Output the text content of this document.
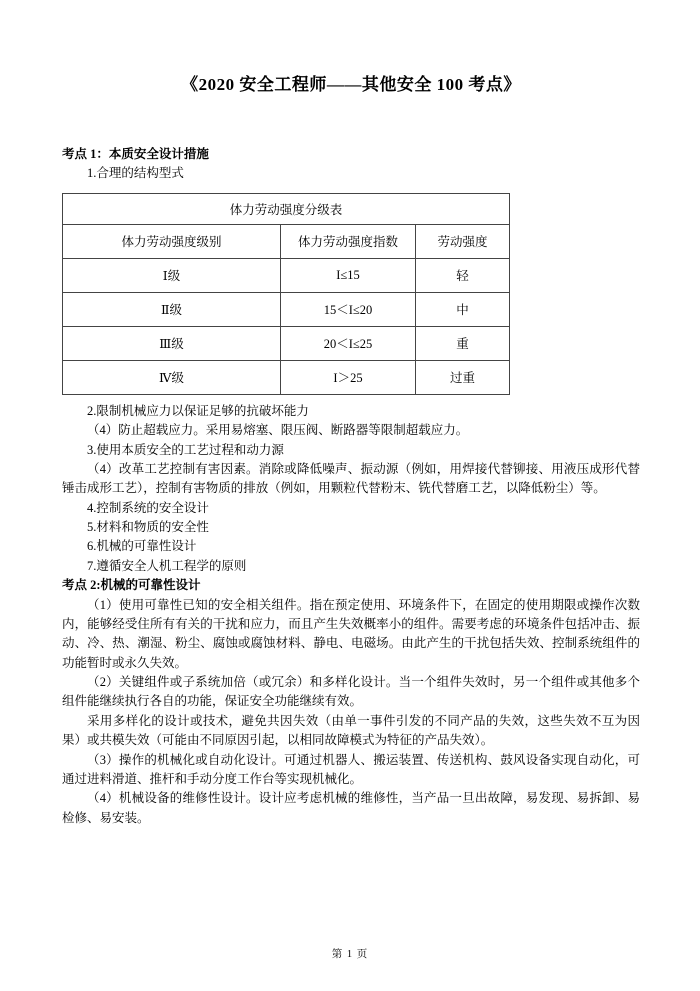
《2020 安全工程师——其他安全 100 考点》

考点 1：本质安全设计措施

1.合理的结构型式

体力劳动强度分级表		
体力劳动强度级别	体力劳动强度指数	劳动强度
Ⅰ级	I≤15	轻
Ⅱ级	15＜I≤20	中
Ⅲ级	20＜I≤25	重
Ⅳ级	I＞25	过重

2.限制机械应力以保证足够的抗破坏能力

（4）防止超载应力。采用易熔塞、限压阀、断路器等限制超载应力。

3.使用本质安全的工艺过程和动力源

（4）改革工艺控制有害因素。消除或降低噪声、振动源（例如，用焊接代替铆接、用液压成形代替锤击成形工艺），控制有害物质的排放（例如，用颗粒代替粉末、铣代替磨工艺，以降低粉尘）等。

4.控制系统的安全设计

5.材料和物质的安全性

6.机械的可靠性设计

7.遵循安全人机工程学的原则

考点 2:机械的可靠性设计

（1）使用可靠性已知的安全相关组件。指在预定使用、环境条件下，在固定的使用期限或操作次数内，能够经受住所有有关的干扰和应力，而且产生失效概率小的组件。需要考虑的环境条件包括冲击、振动、冷、热、潮湿、粉尘、腐蚀或腐蚀材料、静电、电磁场。由此产生的干扰包括失效、控制系统组件的功能暂时或永久失效。

（2）关键组件或子系统加倍（或冗余）和多样化设计。当一个组件失效时，另一个组件或其他多个组件能继续执行各自的功能，保证安全功能继续有效。

采用多样化的设计或技术，避免共因失效（由单一事件引发的不同产品的失效，这些失效不互为因果）或共模失效（可能由不同原因引起，以相同故障模式为特征的产品失效）。

（3）操作的机械化或自动化设计。可通过机器人、搬运装置、传送机构、鼓风设备实现自动化，可通过进料滑道、推杆和手动分度工作台等实现机械化。

（4）机械设备的维修性设计。设计应考虑机械的维修性，当产品一旦出故障，易发现、易拆卸、易检修、易安装。

第 1 页
